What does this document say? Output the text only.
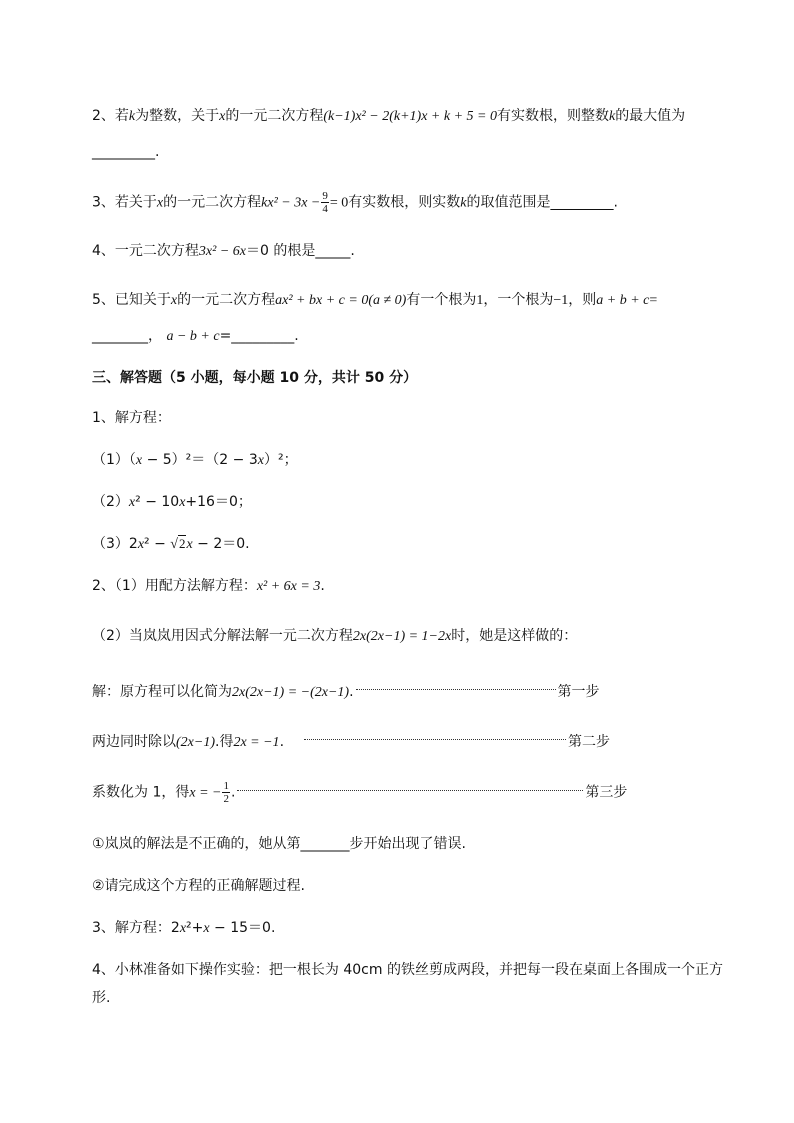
2、若k为整数，关于x的一元二次方程(k−1)x² − 2(k+1)x + k + 5 = 0有实数根，则整数k的最大值为
_________.
3、若关于x的一元二次方程$kx^2 - 3x - \frac{9}{4} = 0$有实数根，则实数k的取值范围是_________.
4、一元二次方程3x² − 6x＝0 的根是_____.
5、已知关于x的一元二次方程ax² + bx + c = 0(a ≠ 0)有一个根为1，一个根为−1，则a + b + c=
________， a − b + c=_________.
三、解答题（5 小题，每小题 10 分，共计 50 分）
1、解方程：
（1）（x − 5）²＝（2 − 3x）²；
（2）x² − 10x+16＝0；
（3）2x² − √2x − 2＝0.
2、（1）用配方法解方程：x² + 6x = 3.
（2）当岚岚用因式分解法解一元二次方程2x(2x−1) = 1−2x时，她是这样做的：
解：原方程可以化简为2x(2x−1) = −(2x−1).	第一步
两边同时除以(2x−1).得2x = −1.	第二步
系数化为 1，得x = − $\frac{1}{2}$ .	第三步
①岚岚的解法是不正确的，她从第_______步开始出现了错误.
②请完成这个方程的正确解题过程.
3、解方程：2x²+x − 15＝0.
4、小林准备如下操作实验：把一根长为 40cm 的铁丝剪成两段，并把每一段在桌面上各围成一个正方
形.
